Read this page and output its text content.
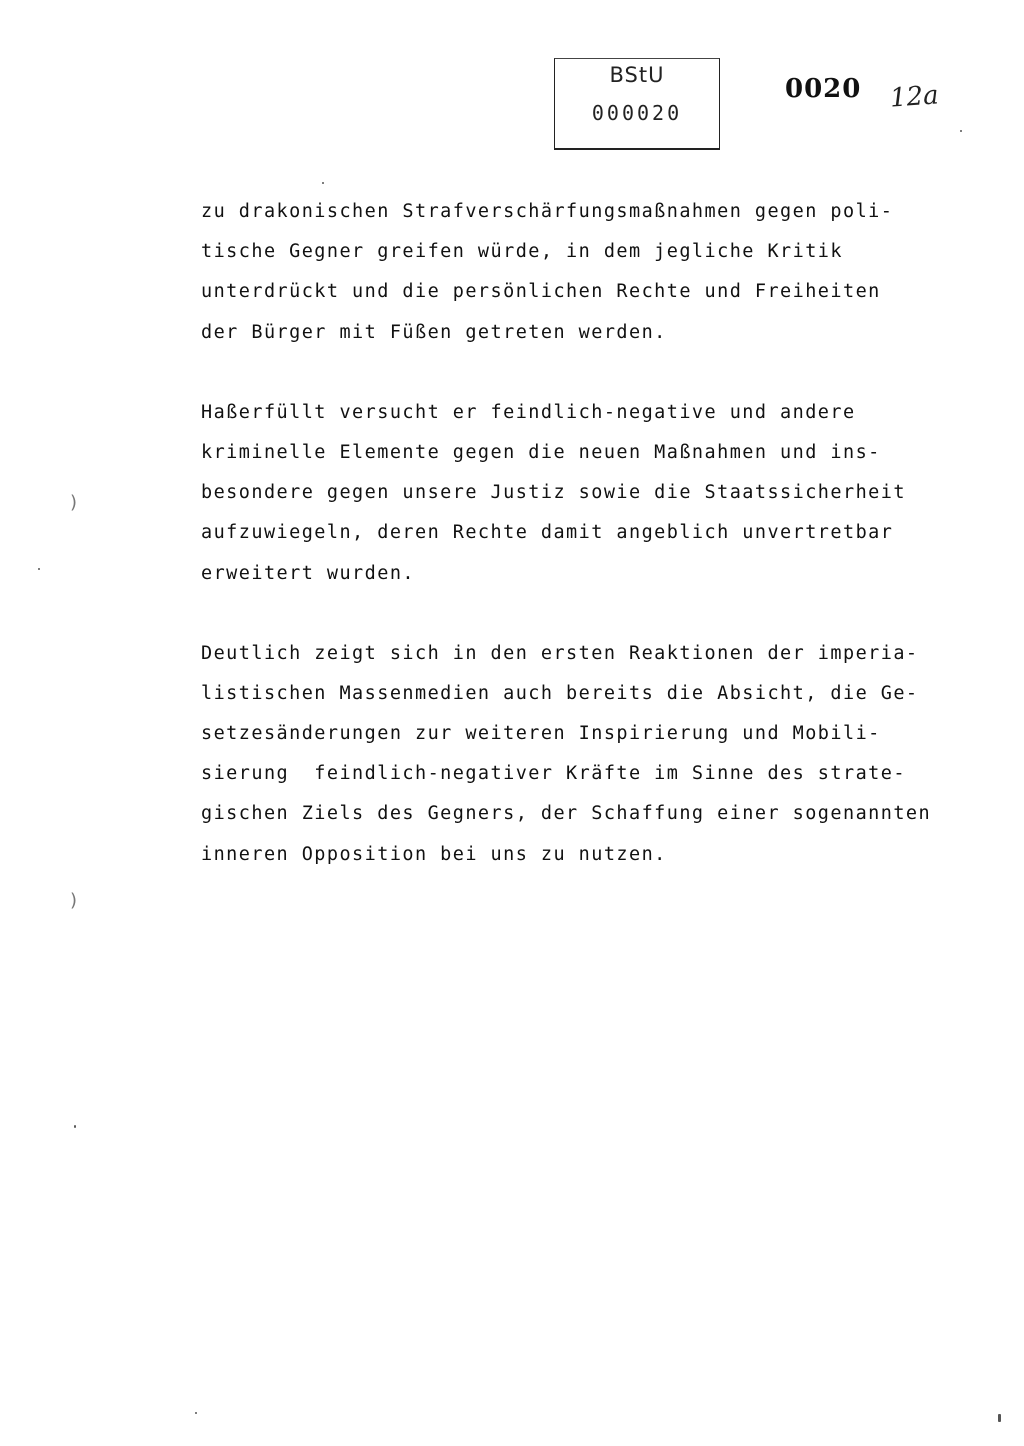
BStU
000020
0020 12a
zu drakonischen Strafverschärfungsmaßnahmen gegen poli-
tische Gegner greifen würde, in dem jegliche Kritik
unterdrückt und die persönlichen Rechte und Freiheiten
der Bürger mit Füßen getreten werden.
Haßerfüllt versucht er feindlich-negative und andere
kriminelle Elemente gegen die neuen Maßnahmen und ins-
besondere gegen unsere Justiz sowie die Staatssicherheit
aufzuwiegeln, deren Rechte damit angeblich unvertretbar
erweitert wurden.
Deutlich zeigt sich in den ersten Reaktionen der imperia-
listischen Massenmedien auch bereits die Absicht, die Ge-
setzesänderungen zur weiteren Inspirierung und Mobili-
sierung  feindlich-negativer Kräfte im Sinne des strate-
gischen Ziels des Gegners, der Schaffung einer sogenannten
inneren Opposition bei uns zu nutzen.
)
)
